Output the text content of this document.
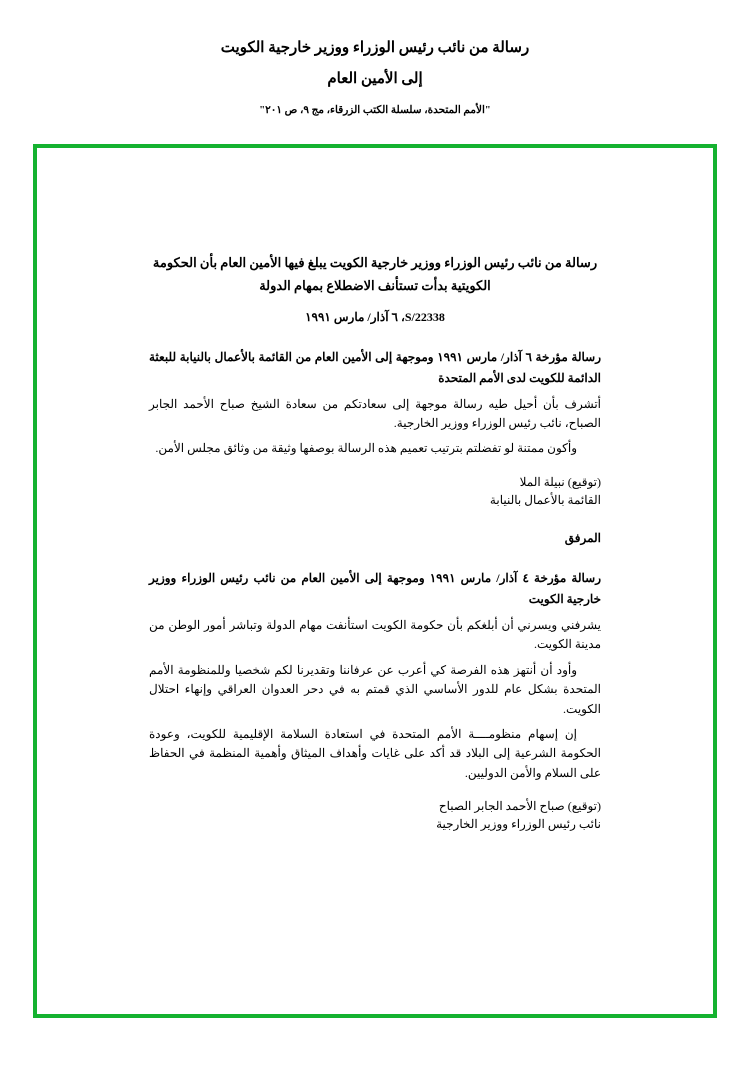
رسالة من نائب رئيس الوزراء ووزير خارجية الكويت
إلى الأمين العام
"الأمم المتحدة، سلسلة الكتب الزرقاء، مج ٩، ص ٢٠١"
رسالة من نائب رئيس الوزراء ووزير خارجية الكويت يبلغ فيها الأمين العام بأن الحكومة الكويتية بدأت تستأنف الاضطلاع بمهام الدولة
S/22338، ٦ آذار/ مارس ١٩٩١
رسالة مؤرخة ٦ آذار/ مارس ١٩٩١ وموجهة إلى الأمين العام من القائمة بالأعمال بالنيابة للبعثة الدائمة للكويت لدى الأمم المتحدة

أتشرف بأن أحيل طيه رسالة موجهة إلى سعادتكم من سعادة الشيخ صباح الأحمد الجابر الصباح، نائب رئيس الوزراء ووزير الخارجية.

وأكون ممتنة لو تفضلتم بترتيب تعميم هذه الرسالة بوصفها وثيقة من وثائق مجلس الأمن.

(توقيع) نبيلة الملا
القائمة بالأعمال بالنيابة
المرفق
رسالة مؤرخة ٤ آذار/ مارس ١٩٩١ وموجهة إلى الأمين العام من نائب رئيس الوزراء ووزير خارجية الكويت

يشرفني ويسرني أن أبلغكم بأن حكومة الكويت استأنفت مهام الدولة وتباشر أمور الوطن من مدينة الكويت.

وأود أن أنتهز هذه الفرصة كي أعرب عن عرفاننا وتقديرنا لكم شخصيا وللمنظومة الأمم المتحدة بشكل عام للدور الأساسي الذي قمتم به في دحر العدوان العراقي وإنهاء احتلال الكويت.

إن إسهام منظومــــة الأمم المتحدة في استعادة السلامة الإقليمية للكويت، وعودة الحكومة الشرعية إلى البلاد قد أكد على غايات وأهداف الميثاق وأهمية المنظمة في الحفاظ على السلام والأمن الدوليين.

(توقيع) صباح الأحمد الجابر الصباح
نائب رئيس الوزراء ووزير الخارجية
